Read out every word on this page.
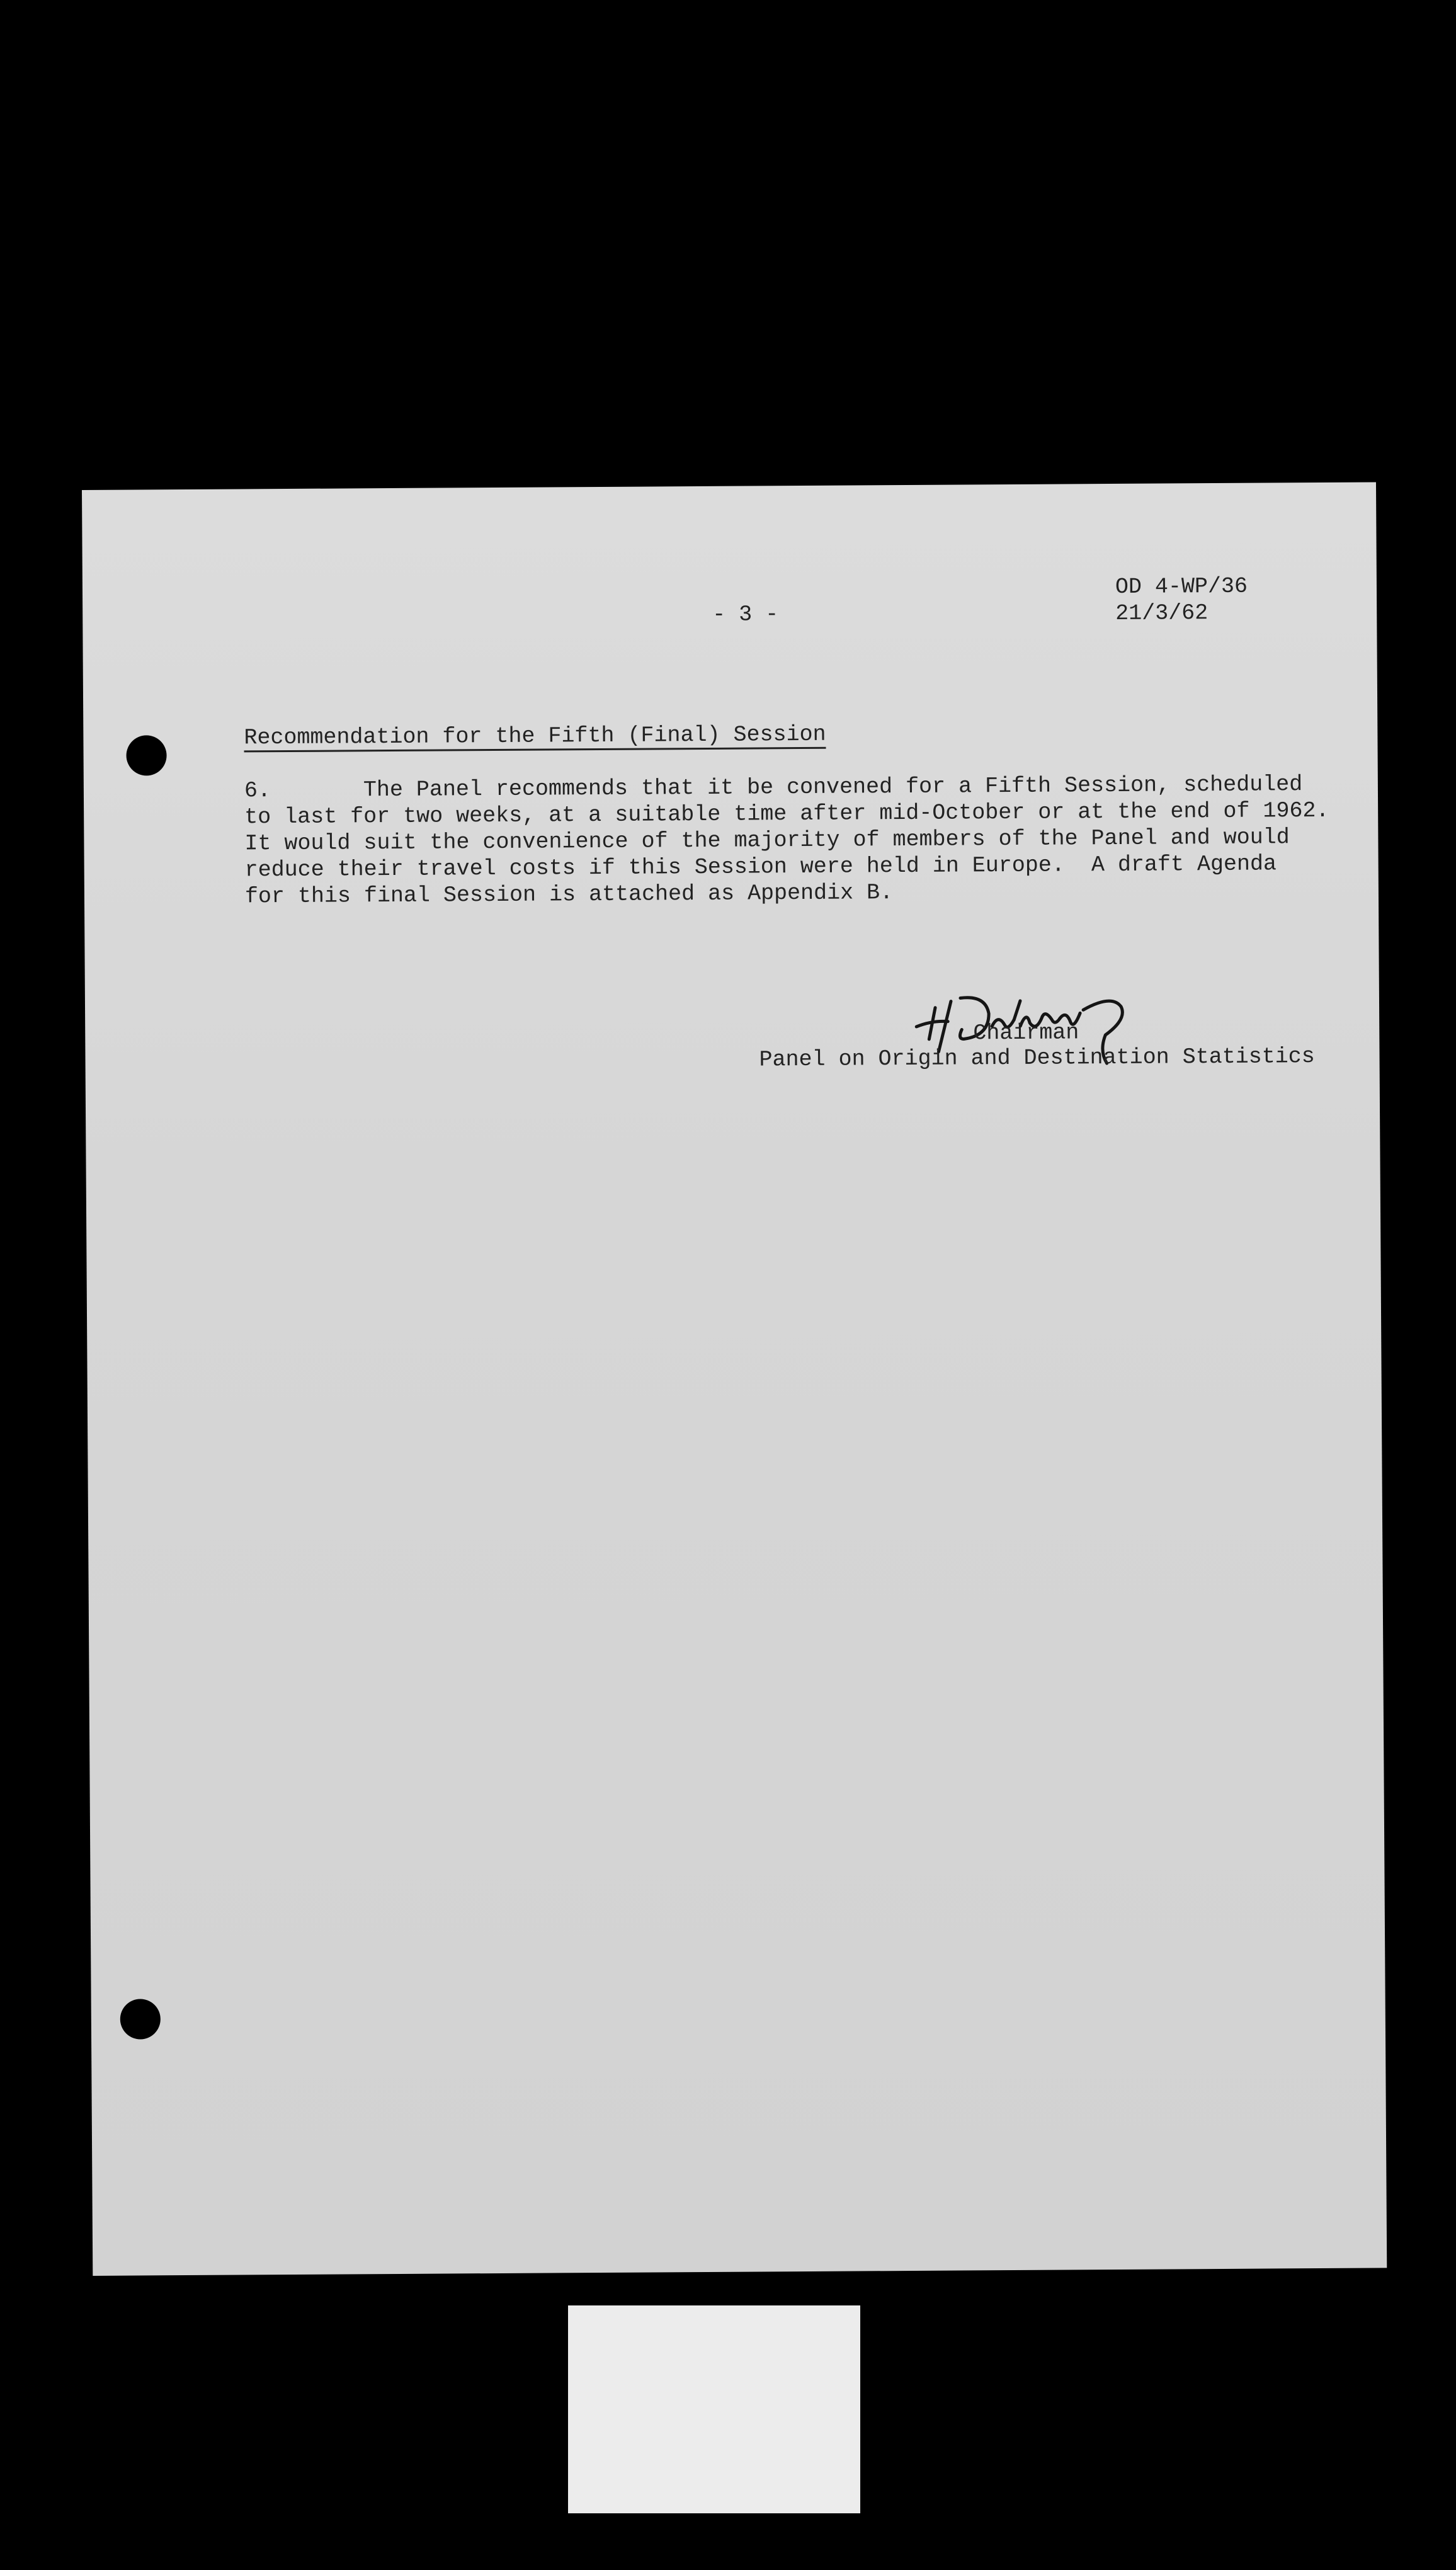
- 3 -
OD 4-WP/36
21/3/62
Recommendation for the Fifth (Final) Session
6.       The Panel recommends that it be convened for a Fifth Session, scheduled
to last for two weeks, at a suitable time after mid-October or at the end of 1962.
It would suit the convenience of the majority of members of the Panel and would
reduce their travel costs if this Session were held in Europe.  A draft Agenda
for this final Session is attached as Appendix B.
Chairman
Panel on Origin and Destination Statistics
